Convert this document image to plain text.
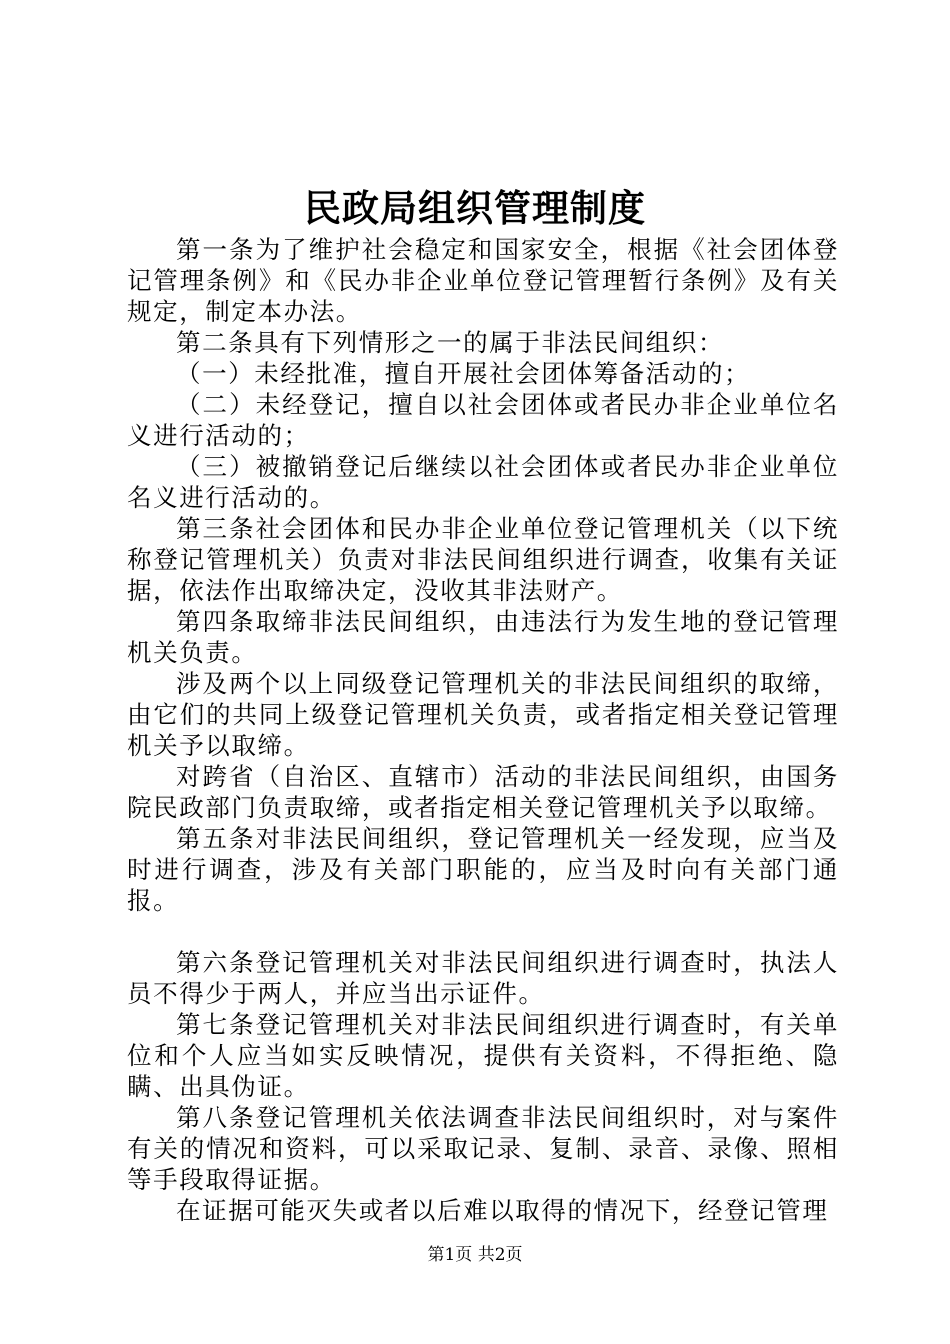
民政局组织管理制度

第一条为了维护社会稳定和国家安全，根据《社会团体登记管理条例》和《民办非企业单位登记管理暂行条例》及有关规定，制定本办法。

第二条具有下列情形之一的属于非法民间组织：

（一）未经批准，擅自开展社会团体筹备活动的；

（二）未经登记，擅自以社会团体或者民办非企业单位名义进行活动的；

（三）被撤销登记后继续以社会团体或者民办非企业单位名义进行活动的。

第三条社会团体和民办非企业单位登记管理机关（以下统称登记管理机关）负责对非法民间组织进行调查，收集有关证据，依法作出取缔决定，没收其非法财产。

第四条取缔非法民间组织，由违法行为发生地的登记管理机关负责。

涉及两个以上同级登记管理机关的非法民间组织的取缔，由它们的共同上级登记管理机关负责，或者指定相关登记管理机关予以取缔。

对跨省（自治区、直辖市）活动的非法民间组织，由国务院民政部门负责取缔，或者指定相关登记管理机关予以取缔。

第五条对非法民间组织，登记管理机关一经发现，应当及时进行调查，涉及有关部门职能的，应当及时向有关部门通报。

第六条登记管理机关对非法民间组织进行调查时，执法人员不得少于两人，并应当出示证件。

第七条登记管理机关对非法民间组织进行调查时，有关单位和个人应当如实反映情况，提供有关资料，不得拒绝、隐瞒、出具伪证。

第八条登记管理机关依法调查非法民间组织时，对与案件有关的情况和资料，可以采取记录、复制、录音、录像、照相等手段取得证据。

在证据可能灭失或者以后难以取得的情况下，经登记管理

第1页 共2页
